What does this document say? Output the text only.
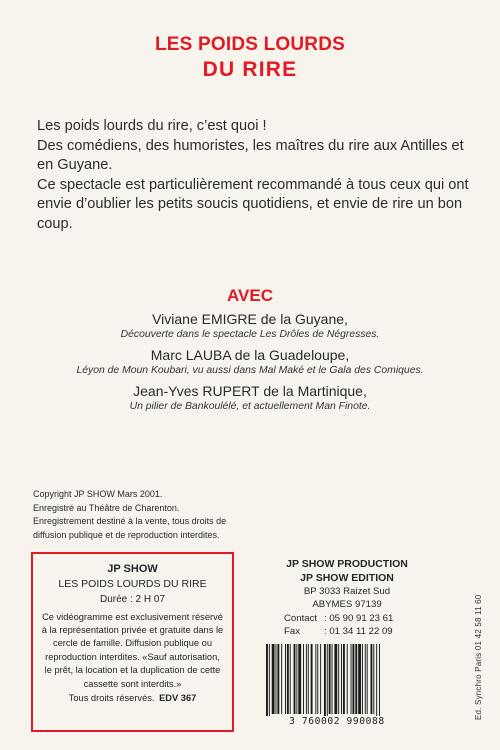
LES POIDS LOURDS
DU RIRE

Les poids lourds du rire, c’est quoi !

Des comédiens, des humoristes, les maîtres du rire aux Antilles et en Guyane.

Ce spectacle est particulièrement recommandé à tous ceux qui ont envie d’oublier les petits soucis quotidiens, et envie de rire un bon coup.

AVEC
Viviane EMIGRE de la Guyane,
Découverte dans le spectacle Les Drôles de Négresses.
Marc LAUBA de la Guadeloupe,
Léyon de Moun Koubari, vu aussi dans Mal Maké et le Gala des Comiques.
Jean-Yves RUPERT de la Martinique,
Un pilier de Bankoulélé, et actuellement Man Finote.
Copyright JP SHOW Mars 2001.
Enregistré au Théâtre de Charenton.
Enregistrement destiné à la vente, tous droits de diffusion publique et de reproduction interdites.
JP SHOW
LES POIDS LOURDS DU RIRE
Durée : 2 H 07
Ce vidéogramme est exclusivement réservé à la représentation privée et gratuite dans le cercle de famille. Diffusion publique ou reproduction interdites. «Sauf autorisation, le prêt, la location et la duplication de cette cassette sont interdits.»
Tous droits réservés. EDV 367
JP SHOW PRODUCTION
JP SHOW EDITION
BP 3033 Raizet Sud
ABYMES 97139
Contact : 05 90 91 23 61
Fax	: 01 34 11 22 09
3 760002 990088
Ed. Synchro Paris 01 42 58 11 60
